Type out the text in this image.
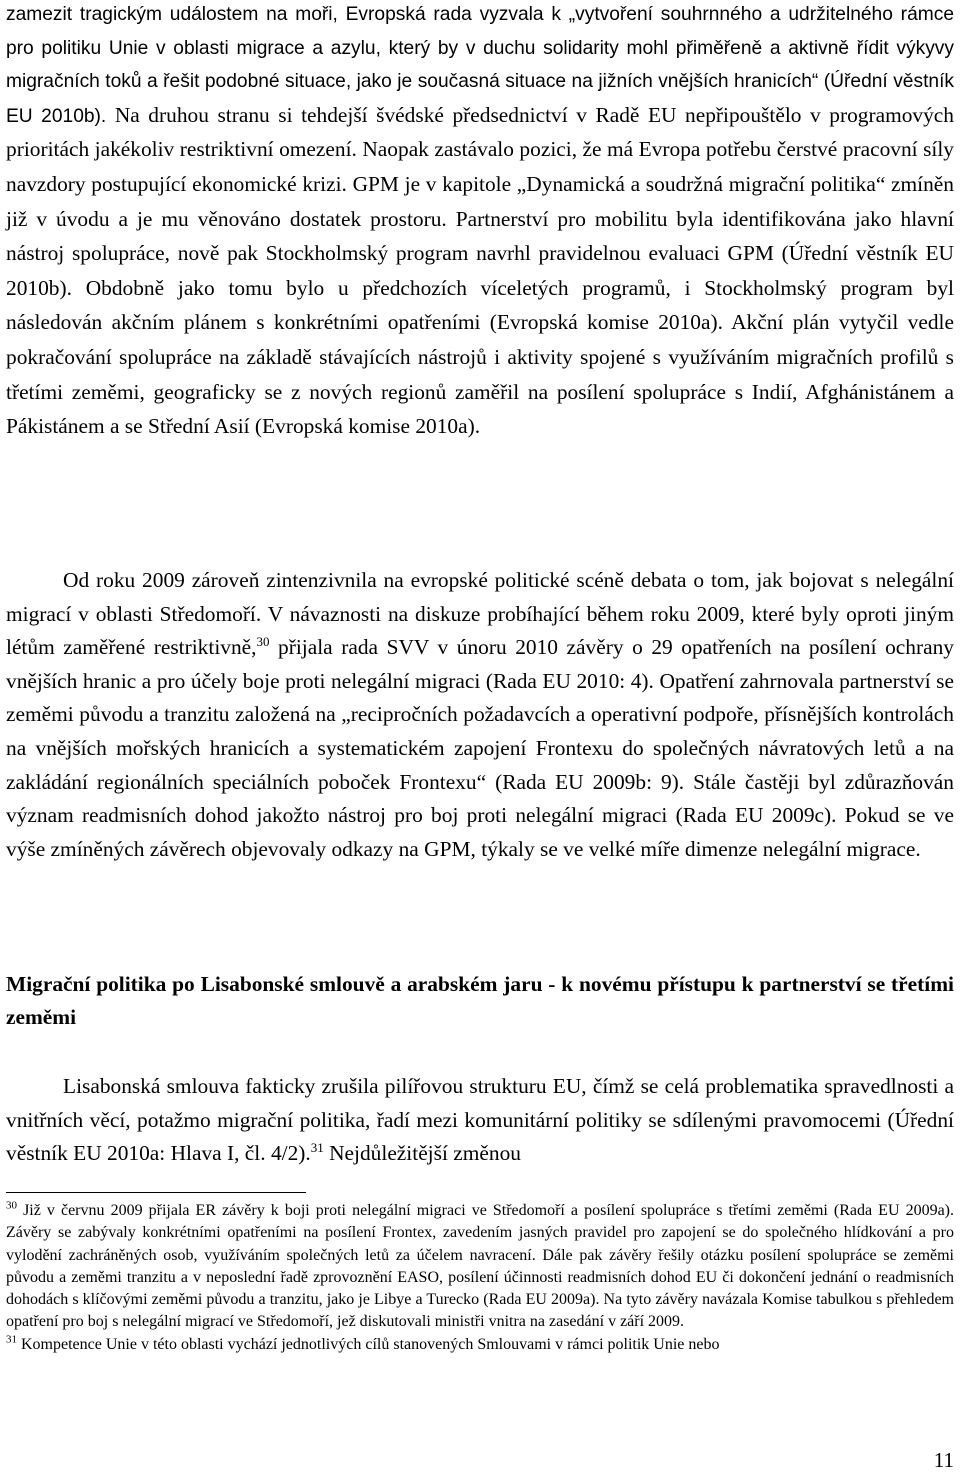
zamezit tragickým událostem na moři, Evropská rada vyzvala k „vytvoření souhrnného a udržitelného rámce pro politiku Unie v oblasti migrace a azylu, který by v duchu solidarity mohl přiměřeně a aktivně řídit výkyvy migračních toků a řešit podobné situace, jako je současná situace na jižních vnějších hranicích“ (Úřední věstník EU 2010b). Na druhou stranu si tehdejší švédské předsednictví v Radě EU nepřipouštělo v programových prioritách jakékoliv restriktivní omezení. Naopak zastávalo pozici, že má Evropa potřebu čerstvé pracovní síly navzdory postupující ekonomické krizi. GPM je v kapitole „Dynamická a soudržná migrační politika“ zmíněn již v úvodu a je mu věnováno dostatek prostoru. Partnerství pro mobilitu byla identifikována jako hlavní nástroj spolupráce, nově pak Stockholmský program navrhl pravidelnou evaluaci GPM (Úřední věstník EU 2010b). Obdobně jako tomu bylo u předchozích víceletých programů, i Stockholmský program byl následován akčním plánem s konkrétními opatřeními (Evropská komise 2010a). Akční plán vytyčil vedle pokračování spolupráce na základě stávajících nástrojů i aktivity spojené s využíváním migračních profilů s třetími zeměmi, geograficky se z nových regionů zaměřil na posílení spolupráce s Indií, Afghánistánem a Pákistánem a se Střední Asií (Evropská komise 2010a).

Od roku 2009 zároveň zintenzivnila na evropské politické scéně debata o tom, jak bojovat s nelegální migrací v oblasti Středomoří. V návaznosti na diskuze probíhající během roku 2009, které byly oproti jiným létům zaměřené restriktivně,$^{30}$ přijala rada SVV v únoru 2010 závěry o 29 opatřeních na posílení ochrany vnějších hranic a pro účely boje proti nelegální migraci (Rada EU 2010: 4). Opatření zahrnovala partnerství se zeměmi původu a tranzitu založená na „recipročních požadavcích a operativní podpoře, přísnějších kontrolách na vnějších mořských hranicích a systematickém zapojení Frontexu do společných návratových letů a na zakládání regionálních speciálních poboček Frontexu“ (Rada EU 2009b: 9). Stále častěji byl zdůrazňován význam readmisních dohod jakožto nástroj pro boj proti nelegální migraci (Rada EU 2009c). Pokud se ve výše zmíněných závěrech objevovaly odkazy na GPM, týkaly se ve velké míře dimenze nelegální migrace.

Migrační politika po Lisabonské smlouvě a arabském jaru - k novému přístupu k partnerství se třetími zeměmi

Lisabonská smlouva fakticky zrušila pilířovou strukturu EU, čímž se celá problematika spravedlnosti a vnitřních věcí, potažmo migrační politika, řadí mezi komunitární politiky se sdílenými pravomocemi (Úřední věstník EU 2010a: Hlava I, čl. 4/2).$^{31}$ Nejdůležitější změnou

$^{30}$ Již v červnu 2009 přijala ER závěry k boji proti nelegální migraci ve Středomoří a posílení spolupráce s třetími zeměmi (Rada EU 2009a). Závěry se zabývaly konkrétními opatřeními na posílení Frontex, zavedením jasných pravidel pro zapojení se do společného hlídkování a pro vylodění zachráněných osob, využíváním společných letů za účelem navracení. Dále pak závěry řešily otázku posílení spolupráce se zeměmi původu a zeměmi tranzitu a v neposlední řadě zprovoznění EASO, posílení účinnosti readmisních dohod EU či dokončení jednání o readmisních dohodách s klíčovými zeměmi původu a tranzitu, jako je Libye a Turecko (Rada EU 2009a). Na tyto závěry navázala Komise tabulkou s přehledem opatření pro boj s nelegální migrací ve Středomoří, jež diskutovali ministři vnitra na zasedání v září 2009.

$^{31}$ Kompetence Unie v této oblasti vychází jednotlivých cílů stanovených Smlouvami v rámci politik Unie nebo

11
